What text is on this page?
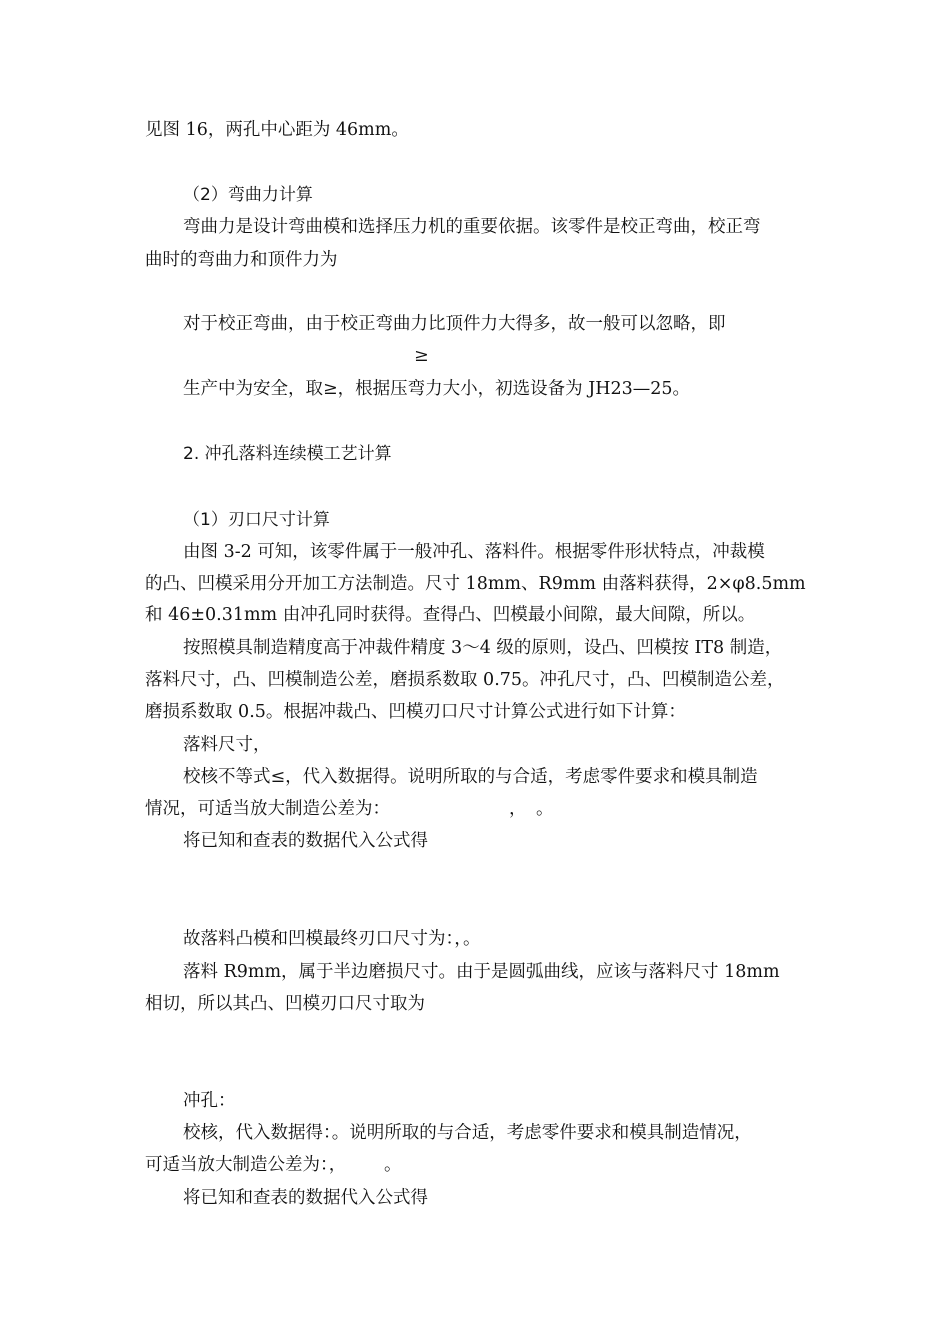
见图 16，两孔中心距为 46mm。
（2）弯曲力计算
弯曲力是设计弯曲模和选择压力机的重要依据。该零件是校正弯曲，校正弯
曲时的弯曲力和顶件力为
对于校正弯曲，由于校正弯曲力比顶件力大得多，故一般可以忽略，即
≥
生产中为安全，取≥，根据压弯力大小，初选设备为 JH23—25。
2. 冲孔落料连续模工艺计算
（1）刃口尺寸计算
由图 3-2 可知，该零件属于一般冲孔、落料件。根据零件形状特点，冲裁模
的凸、凹模采用分开加工方法制造。尺寸 18mm、R9mm 由落料获得，2×φ8.5mm
和 46±0.31mm 由冲孔同时获得。查得凸、凹模最小间隙，最大间隙，所以。
按照模具制造精度高于冲裁件精度 3～4 级的原则，设凸、凹模按 IT8 制造，
落料尺寸，凸、凹模制造公差，磨损系数取 0.75。冲孔尺寸，凸、凹模制造公差，
磨损系数取 0.5。根据冲裁凸、凹模刃口尺寸计算公式进行如下计算：
落料尺寸，
校核不等式≤，代入数据得。说明所取的与合适，考虑零件要求和模具制造
情况，可适当放大制造公差为：	， 。
将已知和查表的数据代入公式得
故落料凸模和凹模最终刃口尺寸为：，。
落料 R9mm，属于半边磨损尺寸。由于是圆弧曲线，应该与落料尺寸 18mm
相切，所以其凸、凹模刃口尺寸取为
冲孔：
校核，代入数据得：。说明所取的与合适，考虑零件要求和模具制造情况，
可适当放大制造公差为：， 。
将已知和查表的数据代入公式得
